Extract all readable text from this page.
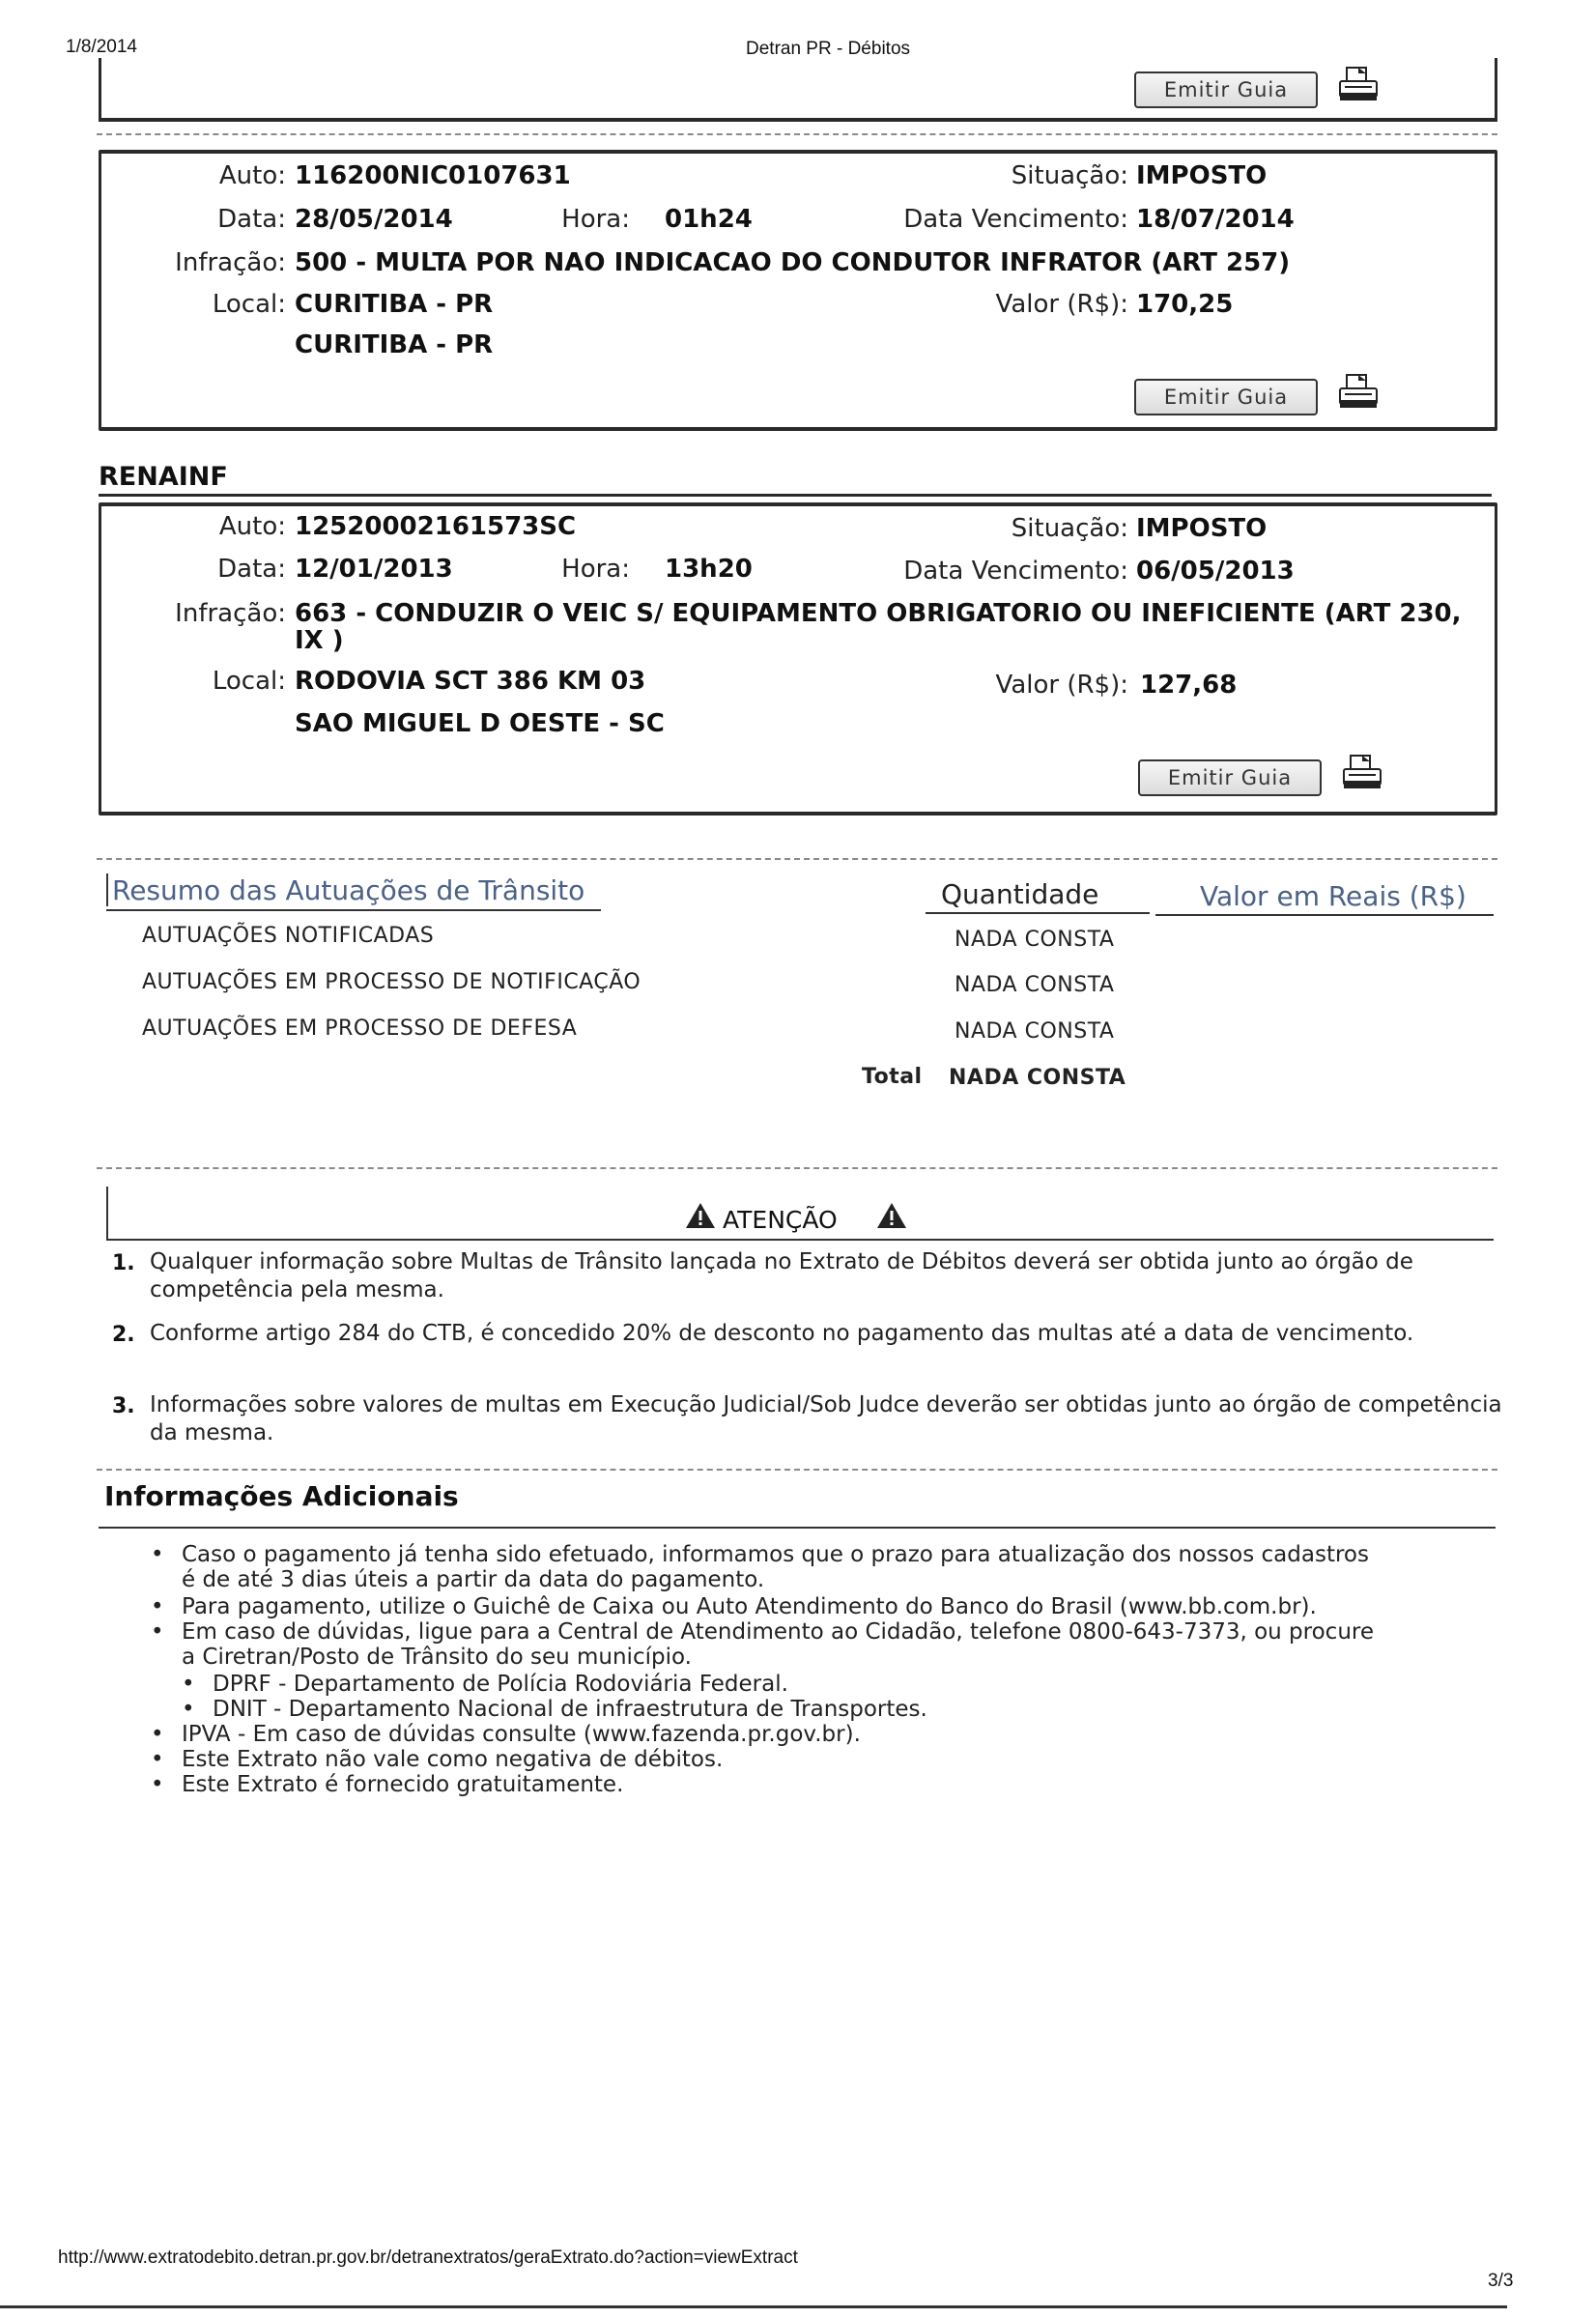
1/8/2014	Detran PR - Débitos
Emitir Guia
Auto: 116200NIC0107631	Situação: IMPOSTO
Data: 28/05/2014	Hora: 01h24	Data Vencimento: 18/07/2014
Infração: 500 - MULTA POR NAO INDICACAO DO CONDUTOR INFRATOR (ART 257)
Local: CURITIBA - PR	Valor (R$): 170,25
CURITIBA - PR
Emitir Guia
RENAINF
Auto: 12520002161573SC	Situação: IMPOSTO
Data: 12/01/2013	Hora: 13h20	Data Vencimento: 06/05/2013
Infração: 663 - CONDUZIR O VEIC S/ EQUIPAMENTO OBRIGATORIO OU INEFICIENTE (ART 230,
IX )
Local: RODOVIA SCT 386 KM 03	Valor (R$): 127,68
SAO MIGUEL D OESTE - SC
Emitir Guia
Resumo das Autuações de Trânsito	Quantidade	Valor em Reais (R$)
AUTUAÇÕES NOTIFICADAS	NADA CONSTA
AUTUAÇÕES EM PROCESSO DE NOTIFICAÇÃO	NADA CONSTA
AUTUAÇÕES EM PROCESSO DE DEFESA	NADA CONSTA
Total NADA CONSTA
ATENÇÃO
1. Qualquer informação sobre Multas de Trânsito lançada no Extrato de Débitos deverá ser obtida junto ao órgão de competência pela mesma.
2. Conforme artigo 284 do CTB, é concedido 20% de desconto no pagamento das multas até a data de vencimento.
3. Informações sobre valores de multas em Execução Judicial/Sob Judce deverão ser obtidas junto ao órgão de competência da mesma.
Informações Adicionais
• Caso o pagamento já tenha sido efetuado, informamos que o prazo para atualização dos nossos cadastros
é de até 3 dias úteis a partir da data do pagamento.
• Para pagamento, utilize o Guichê de Caixa ou Auto Atendimento do Banco do Brasil (www.bb.com.br).
• Em caso de dúvidas, ligue para a Central de Atendimento ao Cidadão, telefone 0800-643-7373, ou procure
a Ciretran/Posto de Trânsito do seu município.
• DPRF - Departamento de Polícia Rodoviária Federal.
• DNIT - Departamento Nacional de infraestrutura de Transportes.
• IPVA - Em caso de dúvidas consulte (www.fazenda.pr.gov.br).
• Este Extrato não vale como negativa de débitos.
• Este Extrato é fornecido gratuitamente.
http://www.extratodebito.detran.pr.gov.br/detranextratos/geraExtrato.do?action=viewExtract
3/3
